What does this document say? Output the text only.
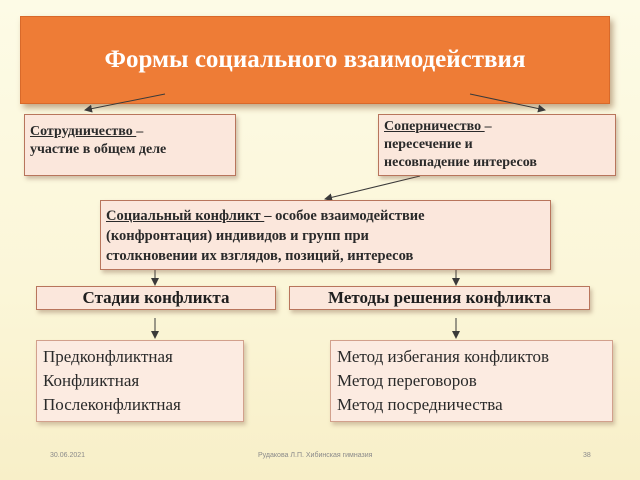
Формы социального взаимодействия
Сотрудничество –
участие в общем деле
Соперничество –
пересечение и
несовпадение интересов
Социальный конфликт – особое взаимодействие
(конфронтация) индивидов и групп при
столкновении их взглядов, позиций, интересов
Стадии конфликта	Методы решения конфликта
Предконфликтная
Конфликтная
Послеконфликтная
Метод избегания конфликтов
Метод переговоров
Метод посредничества
30.06.2021	Рудакова Л.П. Хибинская гимназия	38
